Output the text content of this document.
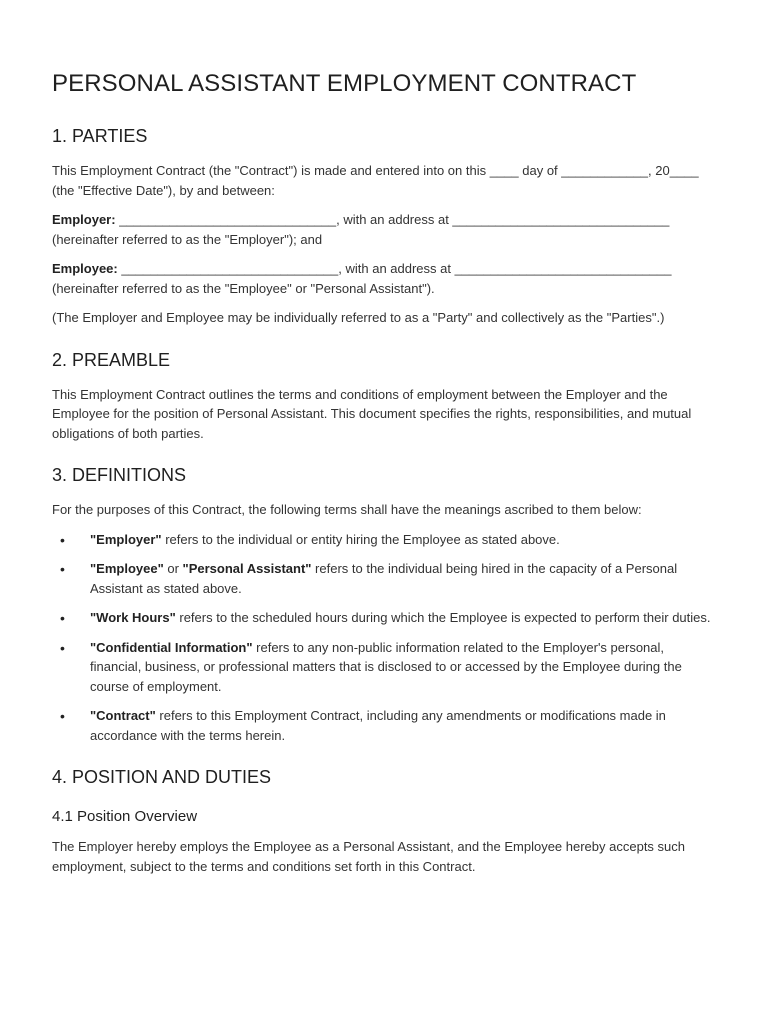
PERSONAL ASSISTANT EMPLOYMENT CONTRACT
1. PARTIES

This Employment Contract (the "Contract") is made and entered into on this ____ day of ____________, 20____ (the "Effective Date"), by and between:

Employer: ______________________________, with an address at ______________________________ (hereinafter referred to as the "Employer"); and

Employee: ______________________________, with an address at ______________________________ (hereinafter referred to as the "Employee" or "Personal Assistant").

(The Employer and Employee may be individually referred to as a "Party" and collectively as the "Parties".)

2. PREAMBLE

This Employment Contract outlines the terms and conditions of employment between the Employer and the Employee for the position of Personal Assistant. This document specifies the rights, responsibilities, and mutual obligations of both parties.

3. DEFINITIONS

For the purposes of this Contract, the following terms shall have the meanings ascribed to them below:

• "Employer" refers to the individual or entity hiring the Employee as stated above.
• "Employee" or "Personal Assistant" refers to the individual being hired in the capacity of a Personal Assistant as stated above.
• "Work Hours" refers to the scheduled hours during which the Employee is expected to perform their duties.
• "Confidential Information" refers to any non-public information related to the Employer's personal, financial, business, or professional matters that is disclosed to or accessed by the Employee during the course of employment.
• "Contract" refers to this Employment Contract, including any amendments or modifications made in accordance with the terms herein.
4. POSITION AND DUTIES
4.1 Position Overview

The Employer hereby employs the Employee as a Personal Assistant, and the Employee hereby accepts such employment, subject to the terms and conditions set forth in this Contract.
